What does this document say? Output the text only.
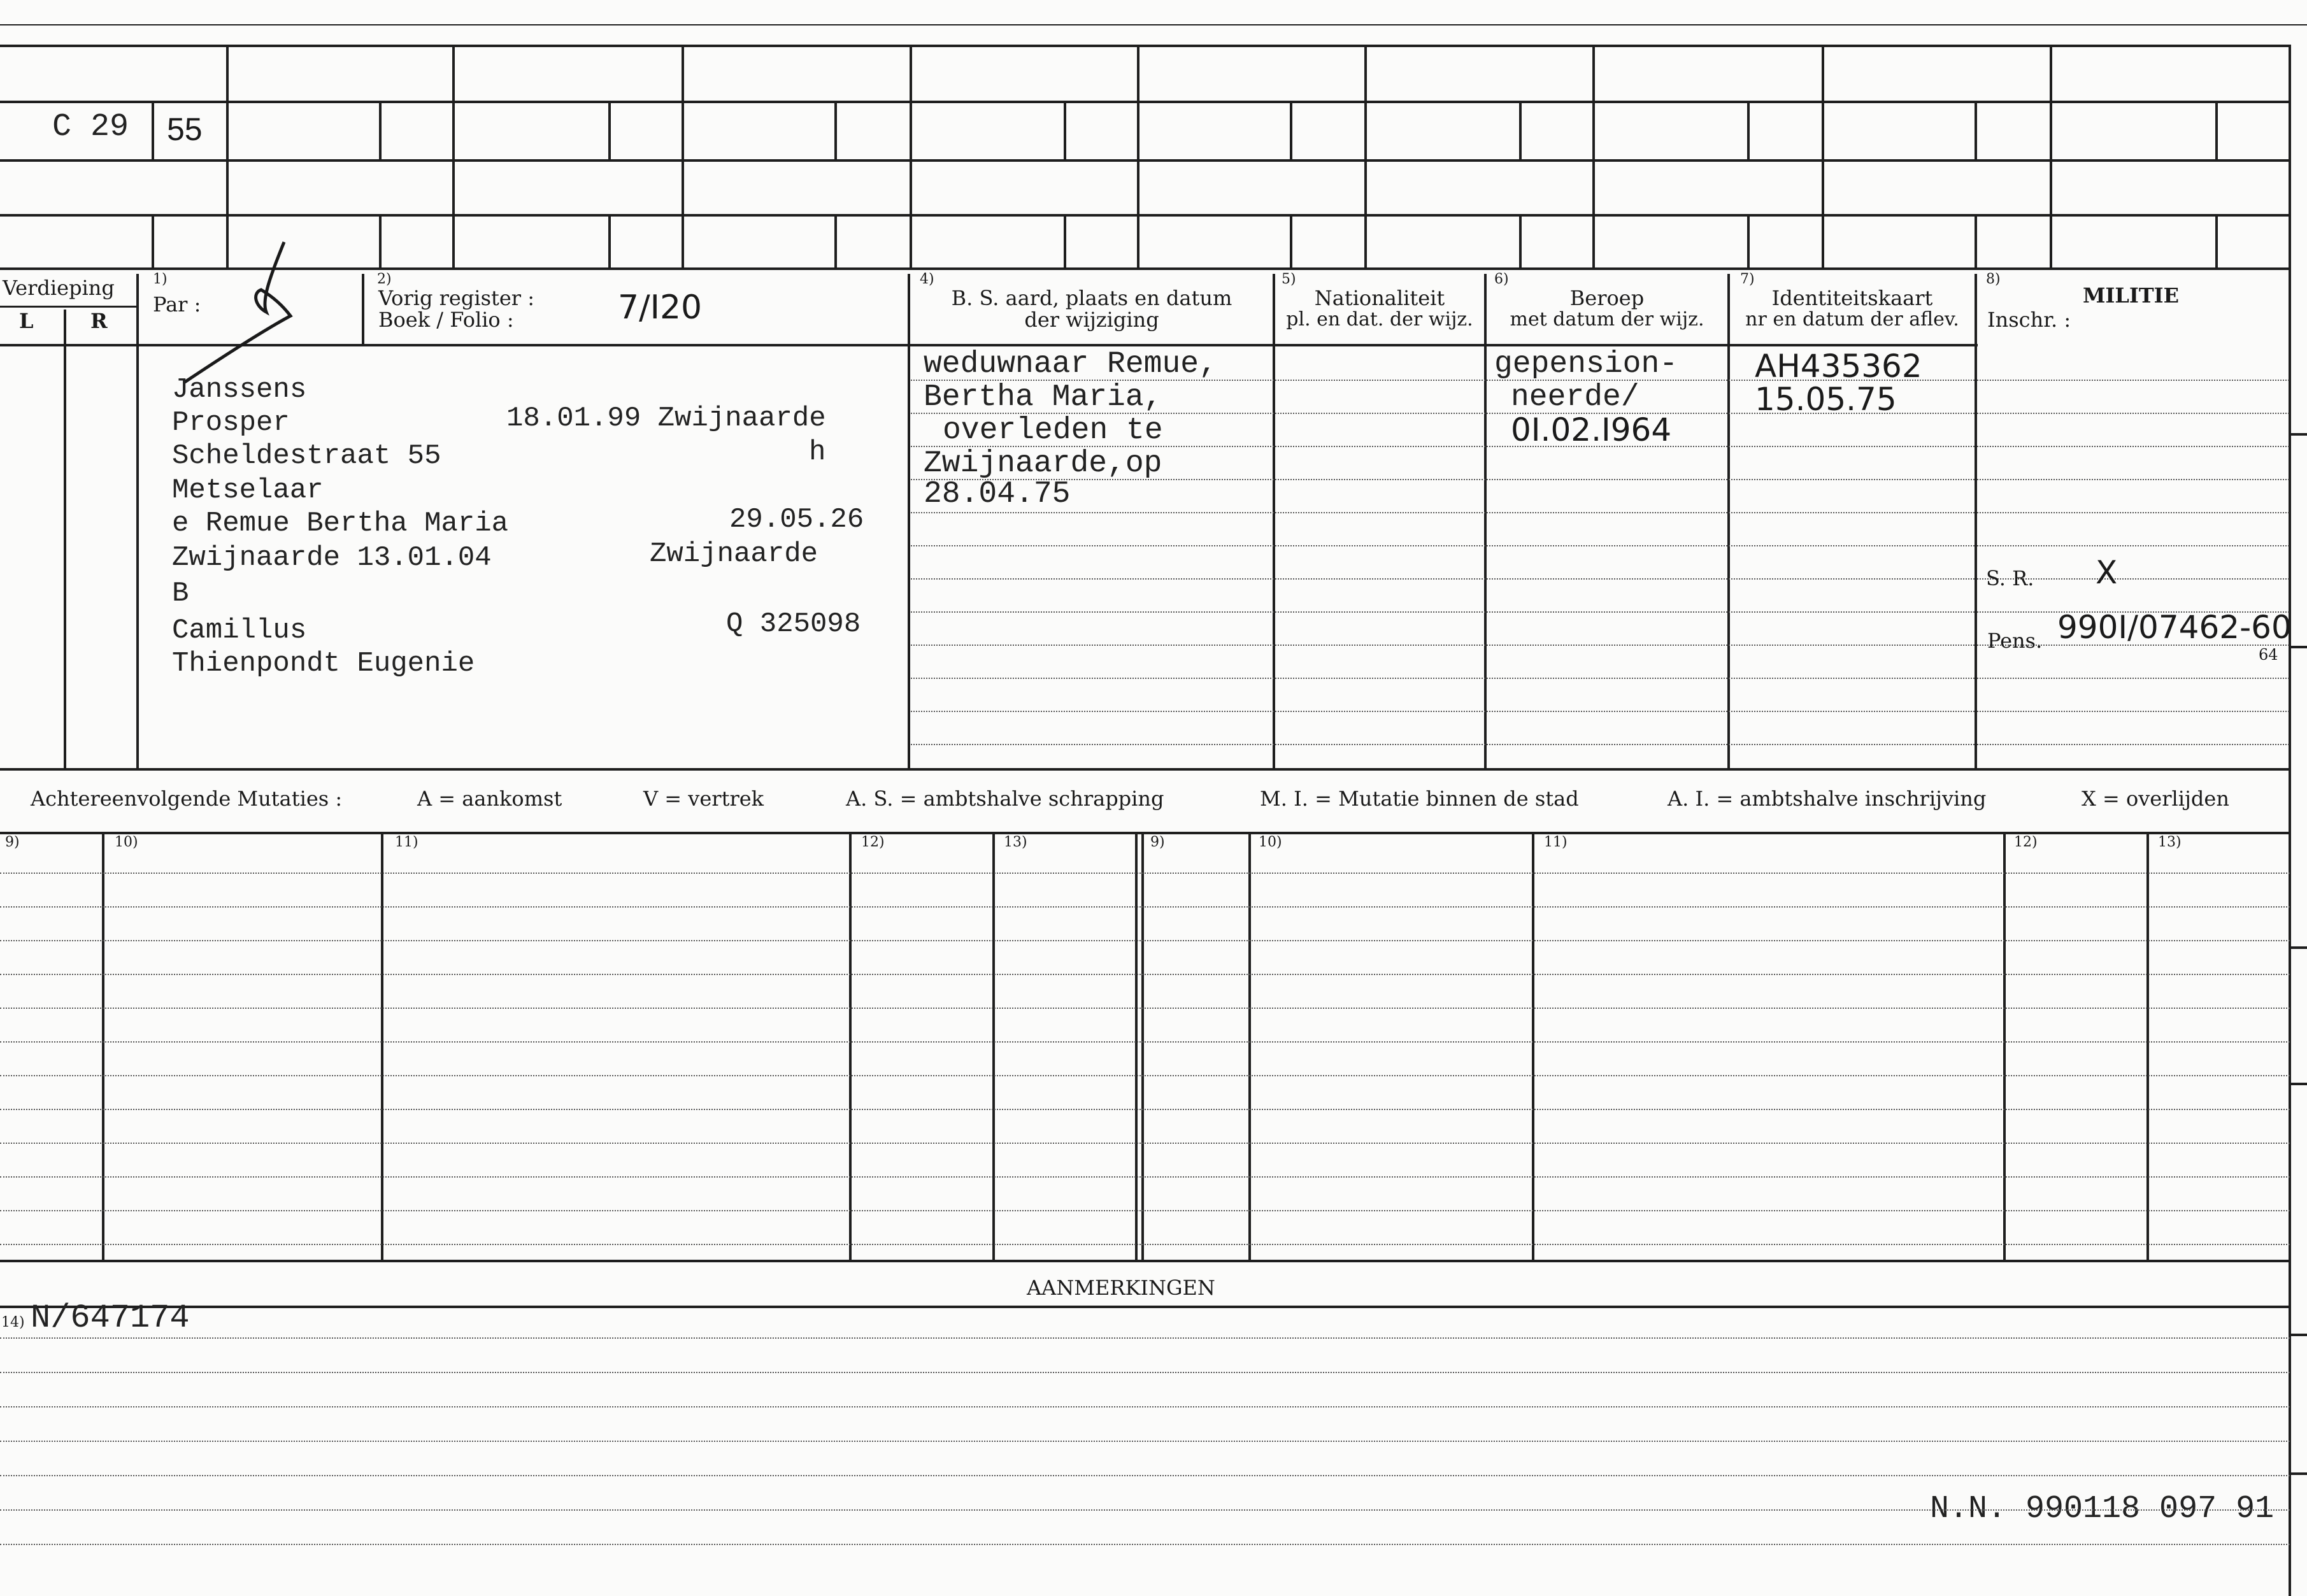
C 29 55
Verdieping
L	R
1)
Par :
2)
Vorig register :
Boek / Folio :	7/I20
4)
B. S. aard, plaats en datum
der wijziging
5)
Nationaliteit
pl. en dat. der wijz.
6)
Beroep
met datum der wijz.
7)
Identiteitskaart
nr en datum der aflev.
8)
MILITIE
Inschr. :
Janssens
Prosper	18.01.99 Zwijnaarde
Scheldestraat 55	h
Metselaar
e Remue Bertha Maria	29.05.26
Zwijnaarde 13.01.04	Zwijnaarde
B
Camillus	Q 325098
Thienpondt Eugenie
weduwnaar Remue,
Bertha Maria,
overleden te
Zwijnaarde,op
28.04.75
gepension-
neerde/
0I.02.I964
AH435362
15.05.75
S. R. X
Pens. 990I/07462-60
64
Achtereenvolgende Mutaties :	A = aankomst	V = vertrek	A. S. = ambtshalve schrapping	M. I. = Mutatie binnen de stad	A. I. = ambtshalve inschrijving	X = overlijden
9)	10)	11)	12)	13)	9)	10)	11)	12)	13)
AANMERKINGEN
14) N/647174
N.N. 990118 097 91
